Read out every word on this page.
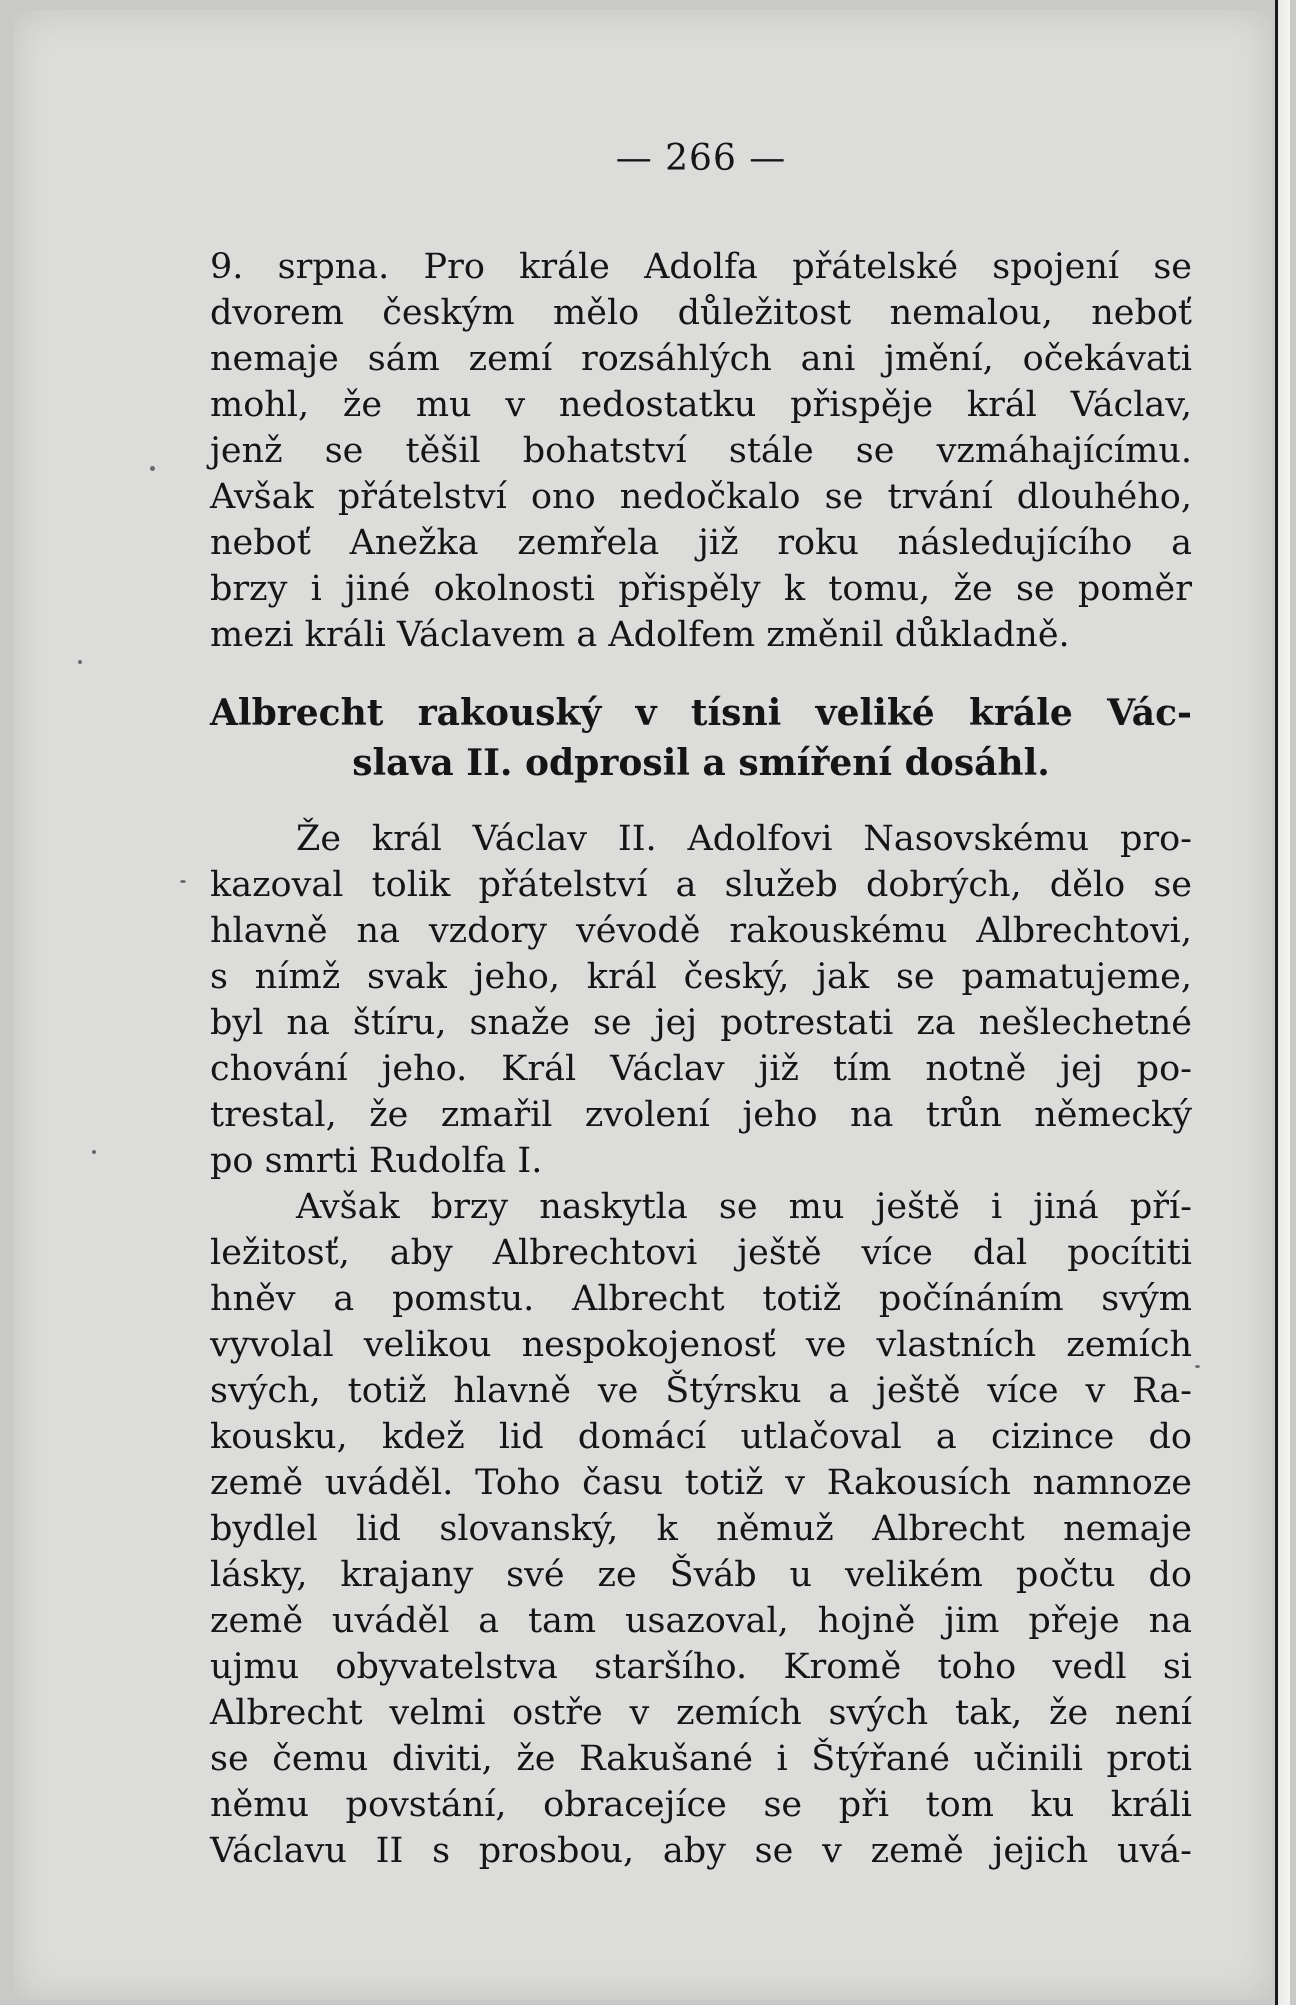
— 266 —
9. srpna. Pro krále Adolfa přátelské spojení se
dvorem českým mělo důležitost nemalou, neboť
nemaje sám zemí rozsáhlých ani jmění, očekávati
mohl, že mu v nedostatku přispěje král Václav,
jenž se těšil bohatství stále se vzmáhajícímu.
Avšak přátelství ono nedočkalo se trvání dlouhého,
neboť Anežka zemřela již roku následujícího a
brzy i jiné okolnosti přispěly k tomu, že se poměr
mezi králi Václavem a Adolfem změnil důkladně.
Albrecht rakouský v tísni veliké krále Vác-
slava II. odprosil a smíření dosáhl.
Že král Václav II. Adolfovi Nasovskému pro-
kazoval tolik přátelství a služeb dobrých, dělo se
hlavně na vzdory vévodě rakouskému Albrechtovi,
s nímž svak jeho, král český, jak se pamatujeme,
byl na štíru, snaže se jej potrestati za nešlechetné
chování jeho. Král Václav již tím notně jej po-
trestal, že zmařil zvolení jeho na trůn německý
po smrti Rudolfa I.
Avšak brzy naskytla se mu ještě i jiná pří-
ležitosť, aby Albrechtovi ještě více dal pocítiti
hněv a pomstu. Albrecht totiž počínáním svým
vyvolal velikou nespokojenosť ve vlastních zemích
svých, totiž hlavně ve Štýrsku a ještě více v Ra-
kousku, kdež lid domácí utlačoval a cizince do
země uváděl. Toho času totiž v Rakousích namnoze
bydlel lid slovanský, k němuž Albrecht nemaje
lásky, krajany své ze Šváb u velikém počtu do
země uváděl a tam usazoval, hojně jim přeje na
ujmu obyvatelstva staršího. Kromě toho vedl si
Albrecht velmi ostře v zemích svých tak, že není
se čemu diviti, že Rakušané i Štýřané učinili proti
němu povstání, obracejíce se při tom ku králi
Václavu II s prosbou, aby se v země jejich uvá-
